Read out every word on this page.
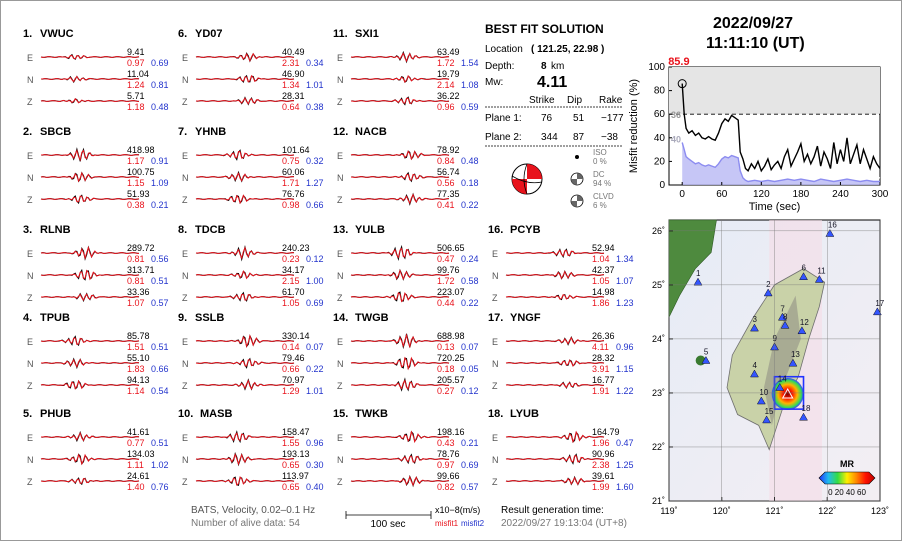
1. VWUC
E
9.41
0.97 0.69
N
11.04
1.24 0.81
Z
5.71
1.18 0.48
2. SBCB
E
418.98
1.17 0.91
N
100.75
1.15 1.09
Z
51.93
0.38 0.21
3. RLNB
E
289.72
0.81 0.56
N
313.71
0.81 0.51
Z
33.36
1.07 0.57
4. TPUB
E
85.78
1.51 0.51
N
55.10
1.83 0.66
Z
94.13
1.14 0.54
5. PHUB
E
41.61
0.77 0.51
N
134.03
1.11 1.02
Z
24.61
1.40 0.76
6. YD07
E
40.49
2.31 0.34
N
46.90
1.34 1.01
Z
28.31
0.64 0.38
7. YHNB
E
101.64
0.75 0.32
N
60.06
1.71 1.27
Z
76.76
0.98 0.66
8. TDCB
E
240.23
0.23 0.12
N
34.17
2.15 1.00
Z
61.70
1.05 0.69
9. SSLB
E
330.14
0.14 0.07
N
79.46
0.66 0.22
Z
70.97
1.29 1.01
10. MASB
E
158.47
1.55 0.96
N
193.13
0.65 0.30
Z
113.97
0.65 0.40
11. SXI1
E
63.49
1.72 1.54
N
19.79
2.14 1.08
Z
36.22
0.96 0.59
12. NACB
E
78.92
0.84 0.48
N
56.74
0.56 0.18
Z
77.35
0.41 0.22
13. YULB
E
506.65
0.47 0.24
N
99.76
1.72 0.58
Z
223.07
0.44 0.22
14. TWGB
E
688.98
0.13 0.07
N
720.25
0.18 0.05
Z
205.57
0.27 0.12
15. TWKB
E
198.16
0.43 0.21
N
78.76
0.97 0.69
Z
99.66
0.82 0.57
16. PCYB
E
52.94
1.04 1.34
N
42.37
1.05 1.07
Z
14.98
1.86 1.23
17. YNGF
E
26.36
4.11 0.96
N
28.32
3.91 1.15
Z
16.77
1.91 1.22
18. LYUB
E
164.79
1.96 0.47
N
90.96
2.38 1.25
Z
39.61
1.99 1.60
BEST FIT SOLUTION
Location ( 121.25, 22.98 )
Depth:	8 km
Mw: 4.11
Strike Dip Rake
Plane 1: 76 51 −177
Plane 2: 344 87 −38
ISO
0 %
DC
94 %
CLVD
6 %
85.9
36
40
0	60	120 180 240 300
0
20
40
60
80
100
Time (sec)
Misfit reduction (%)
1
2
3
4
5
6
7
8
9
10
11
12
13
14
15
16
17
18
119˚	120˚	121˚	122˚	123˚
26˚
25˚
24˚
23˚
22˚
21˚
MR
0 20 40 60
BATS, Velocity, 0.02–0.1 Hz
Number of alive data: 54	100 sec
x10−8(m/s)
misfit1 misfit2
Result generation time:
2022/09/27 19:13:04 (UT+8)
2022/09/27
11:11:10 (UT)
